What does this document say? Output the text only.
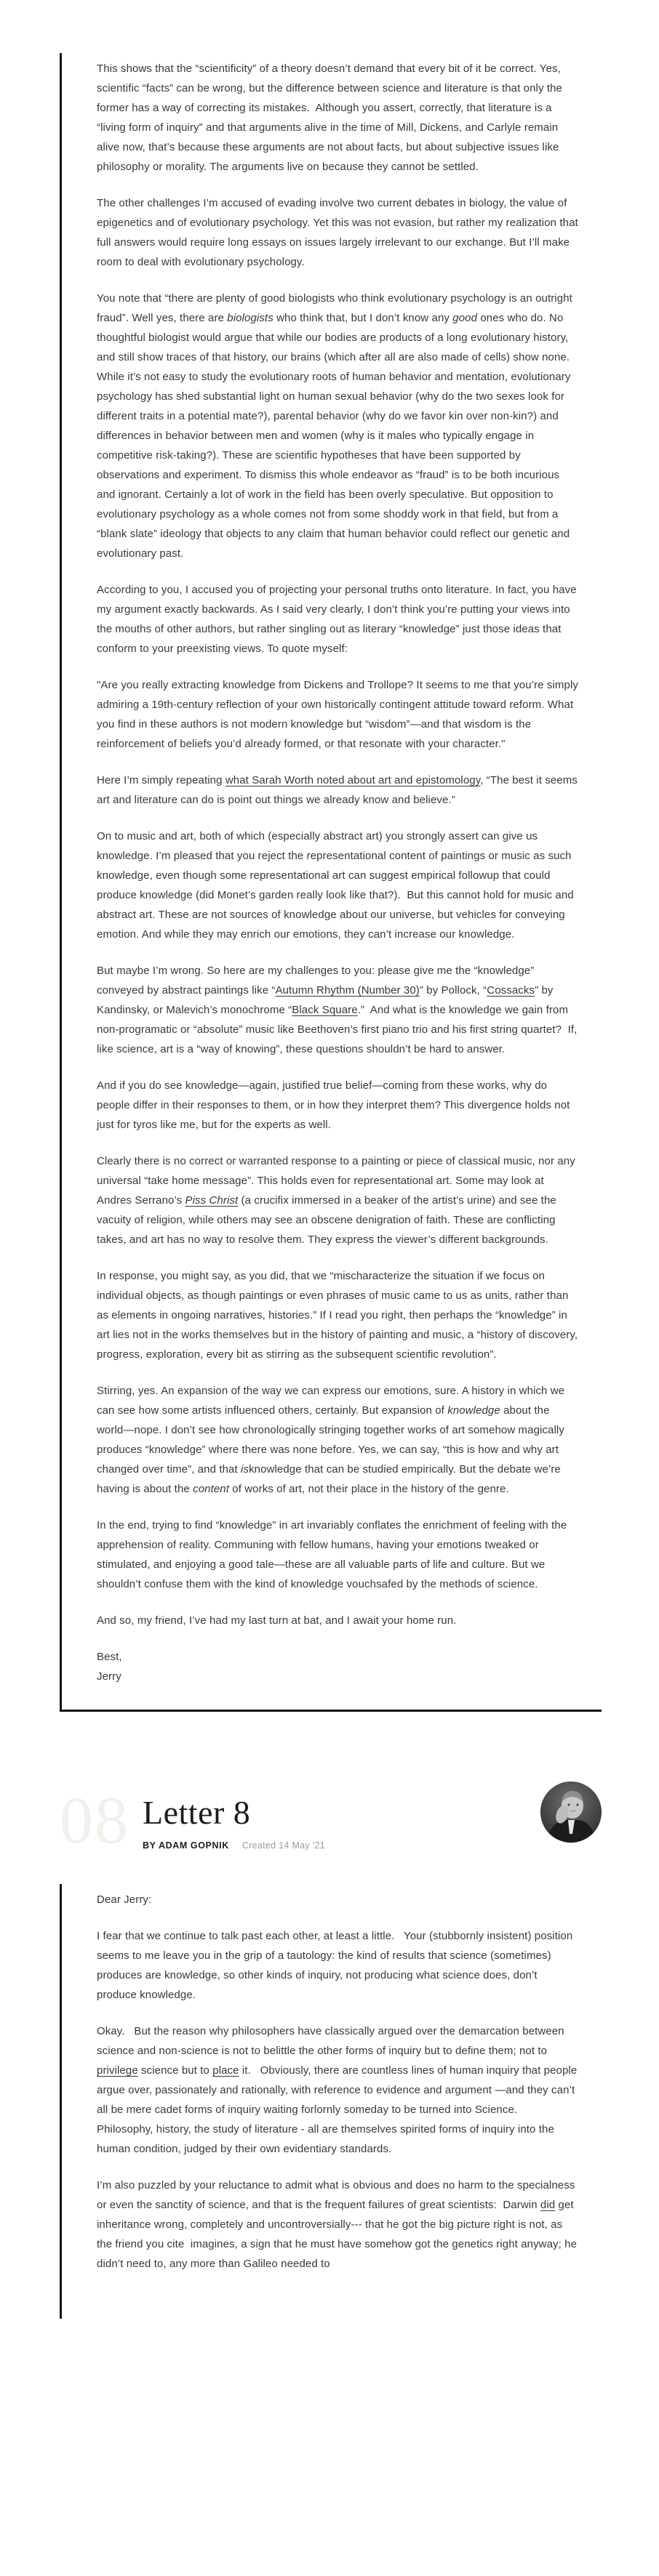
This shows that the “scientificity” of a theory doesn’t demand that every bit of it be correct. Yes, scientific “facts” can be wrong, but the difference between science and literature is that only the former has a way of correcting its mistakes.  Although you assert, correctly, that literature is a “living form of inquiry” and that arguments alive in the time of Mill, Dickens, and Carlyle remain alive now, that’s because these arguments are not about facts, but about subjective issues like philosophy or morality. The arguments live on because they cannot be settled.

The other challenges I’m accused of evading involve two current debates in biology, the value of epigenetics and of evolutionary psychology. Yet this was not evasion, but rather my realization that full answers would require long essays on issues largely irrelevant to our exchange. But I’ll make room to deal with evolutionary psychology.

You note that “there are plenty of good biologists who think evolutionary psychology is an outright fraud”. Well yes, there are biologists who think that, but I don’t know any good ones who do. No thoughtful biologist would argue that while our bodies are products of a long evolutionary history, and still show traces of that history, our brains (which after all are also made of cells) show none. While it’s not easy to study the evolutionary roots of human behavior and mentation, evolutionary psychology has shed substantial light on human sexual behavior (why do the two sexes look for different traits in a potential mate?), parental behavior (why do we favor kin over non-kin?) and differences in behavior between men and women (why is it males who typically engage in competitive risk-taking?). These are scientific hypotheses that have been supported by observations and experiment. To dismiss this whole endeavor as “fraud” is to be both incurious and ignorant. Certainly a lot of work in the field has been overly speculative. But opposition to evolutionary psychology as a whole comes not from some shoddy work in that field, but from a “blank slate” ideology that objects to any claim that human behavior could reflect our genetic and evolutionary past.

According to you, I accused you of projecting your personal truths onto literature. In fact, you have my argument exactly backwards. As I said very clearly, I don’t think you’re putting your views into the mouths of other authors, but rather singling out as literary “knowledge” just those ideas that conform to your preexisting views. To quote myself:

"Are you really extracting knowledge from Dickens and Trollope? It seems to me that you’re simply admiring a 19th-century reflection of your own historically contingent attitude toward reform. What you find in these authors is not modern knowledge but “wisdom”—and that wisdom is the reinforcement of beliefs you’d already formed, or that resonate with your character."

Here I’m simply repeating what Sarah Worth noted about art and epistomology, “The best it seems art and literature can do is point out things we already know and believe.”

On to music and art, both of which (especially abstract art) you strongly assert can give us knowledge. I’m pleased that you reject the representational content of paintings or music as such knowledge, even though some representational art can suggest empirical followup that could produce knowledge (did Monet’s garden really look like that?).  But this cannot hold for music and abstract art. These are not sources of knowledge about our universe, but vehicles for conveying emotion. And while they may enrich our emotions, they can’t increase our knowledge.

But maybe I’m wrong. So here are my challenges to you: please give me the “knowledge” conveyed by abstract paintings like “Autumn Rhythm (Number 30)” by Pollock, “Cossacks” by Kandinsky, or Malevich’s monochrome “Black Square.”  And what is the knowledge we gain from non-programatic or “absolute” music like Beethoven’s first piano trio and his first string quartet?  If, like science, art is a “way of knowing”, these questions shouldn’t be hard to answer.

And if you do see knowledge—again, justified true belief—coming from these works, why do people differ in their responses to them, or in how they interpret them? This divergence holds not just for tyros like me, but for the experts as well.

Clearly there is no correct or warranted response to a painting or piece of classical music, nor any universal “take home message”. This holds even for representational art. Some may look at Andres Serrano’s Piss Christ (a crucifix immersed in a beaker of the artist’s urine) and see the vacuity of religion, while others may see an obscene denigration of faith. These are conflicting takes, and art has no way to resolve them. They express the viewer’s different backgrounds.

In response, you might say, as you did, that we “mischaracterize the situation if we focus on individual objects, as though paintings or even phrases of music came to us as units, rather than as elements in ongoing narratives, histories.” If I read you right, then perhaps the “knowledge” in art lies not in the works themselves but in the history of painting and music, a “history of discovery, progress, exploration, every bit as stirring as the subsequent scientific revolution”.

Stirring, yes. An expansion of the way we can express our emotions, sure. A history in which we can see how some artists influenced others, certainly. But expansion of knowledge about the world—nope. I don’t see how chronologically stringing together works of art somehow magically produces “knowledge” where there was none before. Yes, we can say, “this is how and why art changed over time”, and that isknowledge that can be studied empirically. But the debate we’re having is about the content of works of art, not their place in the history of the genre.

In the end, trying to find “knowledge” in art invariably conflates the enrichment of feeling with the apprehension of reality. Communing with fellow humans, having your emotions tweaked or stimulated, and enjoying a good tale—these are all valuable parts of life and culture. But we shouldn’t confuse them with the kind of knowledge vouchsafed by the methods of science.

And so, my friend, I’ve had my last turn at bat, and I await your home run.

Best,
Jerry

08 Letter 8
BY ADAM GOPNIK Created 14 May '21

Dear Jerry:

I fear that we continue to talk past each other, at least a little.   Your (stubbornly insistent) position seems to me leave you in the grip of a tautology: the kind of results that science (sometimes) produces are knowledge, so other kinds of inquiry, not producing what science does, don’t produce knowledge.

Okay.   But the reason why philosophers have classically argued over the demarcation between science and non-science is not to belittle the other forms of inquiry but to define them; not to privilege science but to place it.   Obviously, there are countless lines of human inquiry that people argue over, passionately and rationally, with reference to evidence and argument —and they can’t all be mere cadet forms of inquiry waiting forlornly someday to be turned into Science.  Philosophy, history, the study of literature - all are themselves spirited forms of inquiry into the human condition, judged by their own evidentiary standards.

I’m also puzzled by your reluctance to admit what is obvious and does no harm to the specialness or even the sanctity of science, and that is the frequent failures of great scientists:  Darwin did get inheritance wrong, completely and uncontroversially--- that he got the big picture right is not, as the friend you cite  imagines, a sign that he must have somehow got the genetics right anyway; he didn’t need to, any more than Galileo needed to
